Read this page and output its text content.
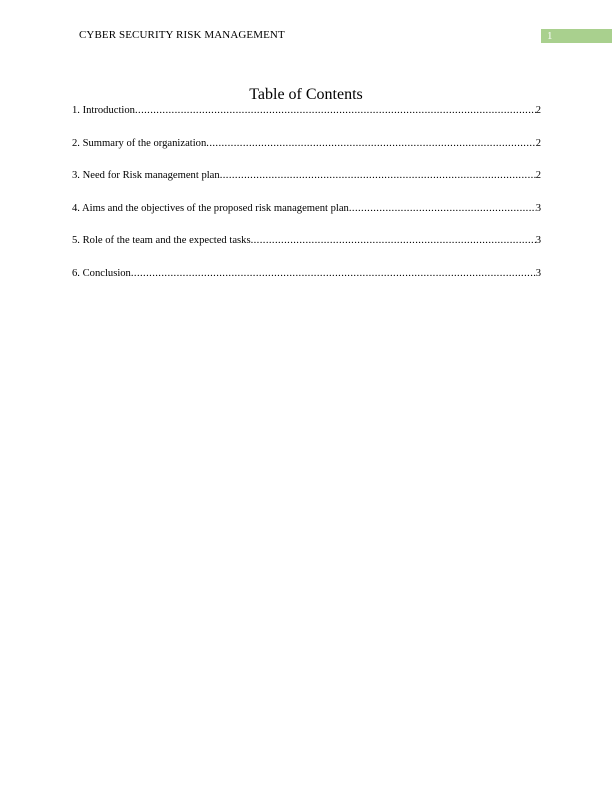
CYBER SECURITY RISK MANAGEMENT	1
Table of Contents
1. Introduction .....	2
2. Summary of the organization .....	2
3. Need for Risk management plan .....	2
4. Aims and the objectives of the proposed risk management plan .....	3
5. Role of the team and the expected tasks .....	3
6. Conclusion .....	3
